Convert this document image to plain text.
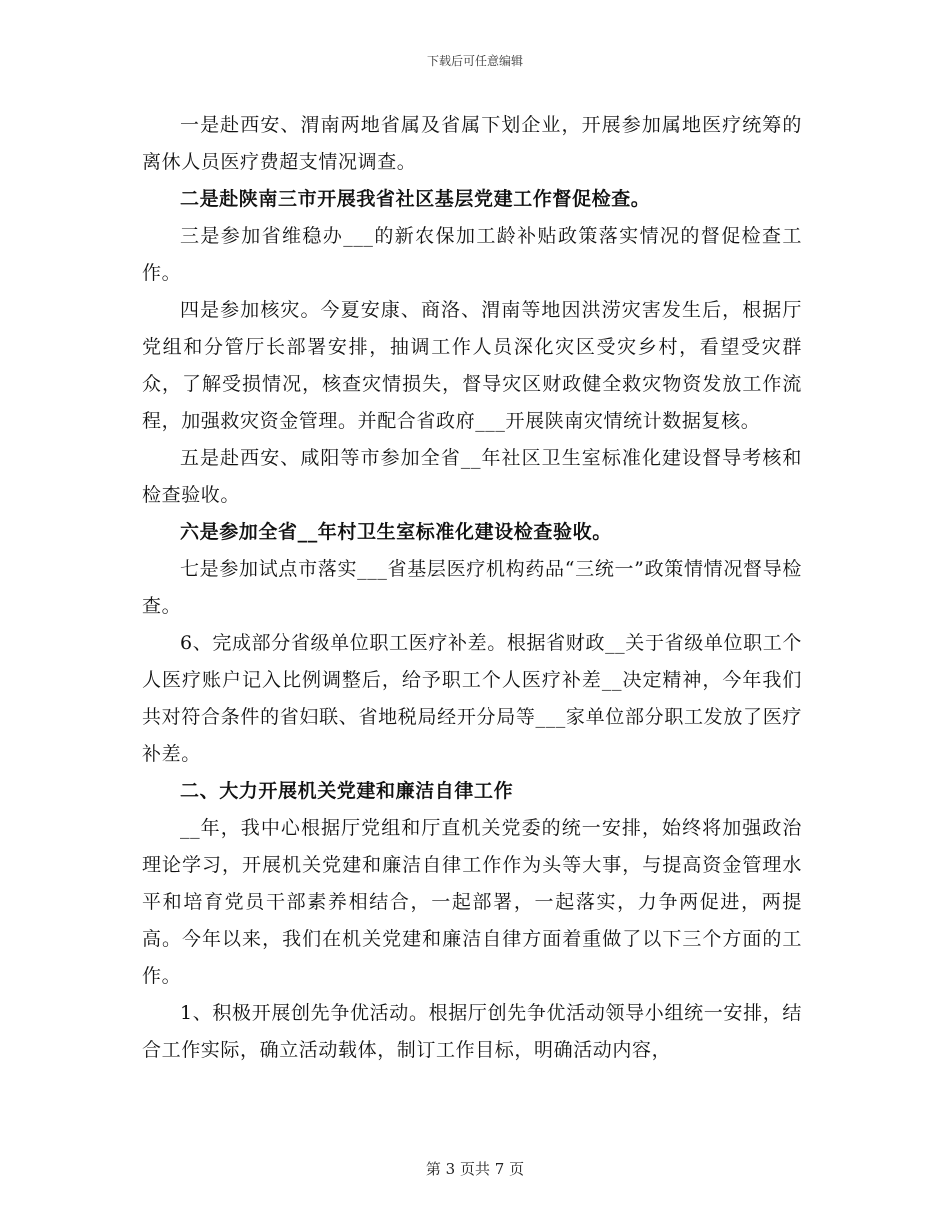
下载后可任意编辑

一是赴西安、渭南两地省属及省属下划企业，开展参加属地医疗统筹的离休人员医疗费超支情况调查。

二是赴陕南三市开展我省社区基层党建工作督促检查。

三是参加省维稳办___的新农保加工龄补贴政策落实情况的督促检查工作。

四是参加核灾。今夏安康、商洛、渭南等地因洪涝灾害发生后，根据厅党组和分管厅长部署安排，抽调工作人员深化灾区受灾乡村，看望受灾群众，了解受损情况，核查灾情损失，督导灾区财政健全救灾物资发放工作流程，加强救灾资金管理。并配合省政府___开展陕南灾情统计数据复核。

五是赴西安、咸阳等市参加全省__年社区卫生室标准化建设督导考核和检查验收。

六是参加全省__年村卫生室标准化建设检查验收。

七是参加试点市落实___省基层医疗机构药品“三统一”政策情情况督导检查。

6、完成部分省级单位职工医疗补差。根据省财政__关于省级单位职工个人医疗账户记入比例调整后，给予职工个人医疗补差__决定精神，今年我们共对符合条件的省妇联、省地税局经开分局等___家单位部分职工发放了医疗补差。

二、大力开展机关党建和廉洁自律工作

__年，我中心根据厅党组和厅直机关党委的统一安排，始终将加强政治理论学习，开展机关党建和廉洁自律工作作为头等大事，与提高资金管理水平和培育党员干部素养相结合，一起部署，一起落实，力争两促进，两提高。今年以来，我们在机关党建和廉洁自律方面着重做了以下三个方面的工作。

1、积极开展创先争优活动。根据厅创先争优活动领导小组统一安排，结合工作实际，确立活动载体，制订工作目标，明确活动内容，

第 3 页共 7 页
